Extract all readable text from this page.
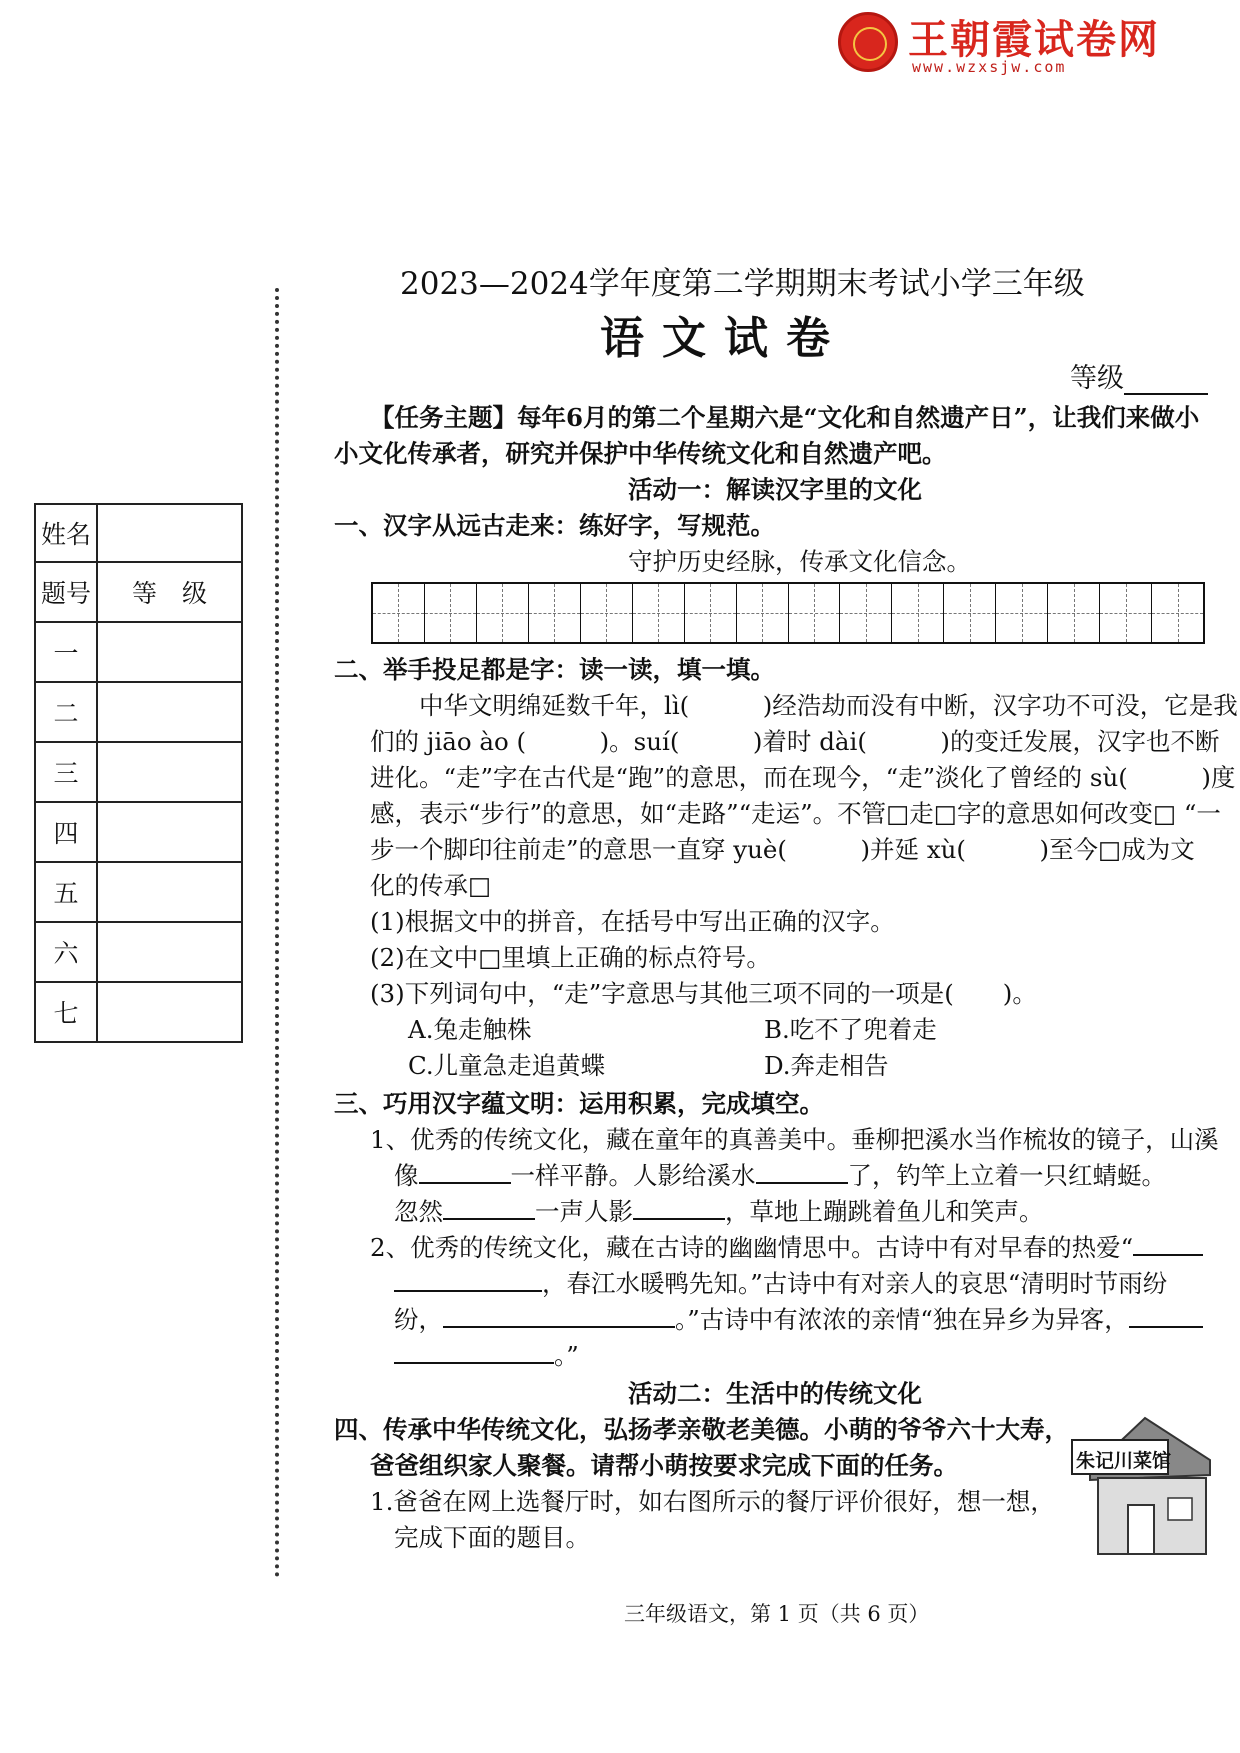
王朝霞试卷网
www.wzxsjw.com
姓名	
题号	等　级
一	
二	
三	
四	
五	
六	
七	
2023—2024学年度第二学期期末考试小学三年级
语文试卷
等级
【任务主题】每年6月的第二个星期六是“文化和自然遗产日”，让我们来做小
小文化传承者，研究并保护中华传统文化和自然遗产吧。
活动一：解读汉字里的文化
一、汉字从远古走来：练好字，写规范。
守护历史经脉，传承文化信念。
二、举手投足都是字：读一读，填一填。
　　中华文明绵延数千年，lì(　　　)经浩劫而没有中断，汉字功不可没，它是我
们的 jiāo ào (　　　)。suí(　　　)着时 dài(　　　)的变迁发展，汉字也不断
进化。“走”字在古代是“跑”的意思，而在现今，“走”淡化了曾经的 sù(　　　)度
感，表示“步行”的意思，如“走路”“走运”。不管□走□字的意思如何改变□ “一
步一个脚印往前走”的意思一直穿 yuè(　　　)并延 xù(　　　)至今□成为文
化的传承□
(1)根据文中的拼音，在括号中写出正确的汉字。
(2)在文中□里填上正确的标点符号。
(3)下列词句中，“走”字意思与其他三项不同的一项是(　　)。
A.兔走触株	B.吃不了兜着走
C.儿童急走追黄蝶	D.奔走相告
三、巧用汉字蕴文明：运用积累，完成填空。
1、优秀的传统文化，藏在童年的真善美中。垂柳把溪水当作梳妆的镜子，山溪
像	一样平静。人影给溪水	了，钓竿上立着一只红蜻蜓。
忽然	一声人影	，草地上蹦跳着鱼儿和笑声。
2、优秀的传统文化，藏在古诗的幽幽情思中。古诗中有对早春的热爱“
，春江水暖鸭先知。”古诗中有对亲人的哀思“清明时节雨纷
纷，	。”古诗中有浓浓的亲情“独在异乡为异客，
。”
活动二：生活中的传统文化
四、传承中华传统文化，弘扬孝亲敬老美德。小萌的爷爷六十大寿，
爸爸组织家人聚餐。请帮小萌按要求完成下面的任务。
1.爸爸在网上选餐厅时，如右图所示的餐厅评价很好，想一想，
完成下面的题目。
朱记川菜馆
三年级语文，第 1 页（共 6 页）
